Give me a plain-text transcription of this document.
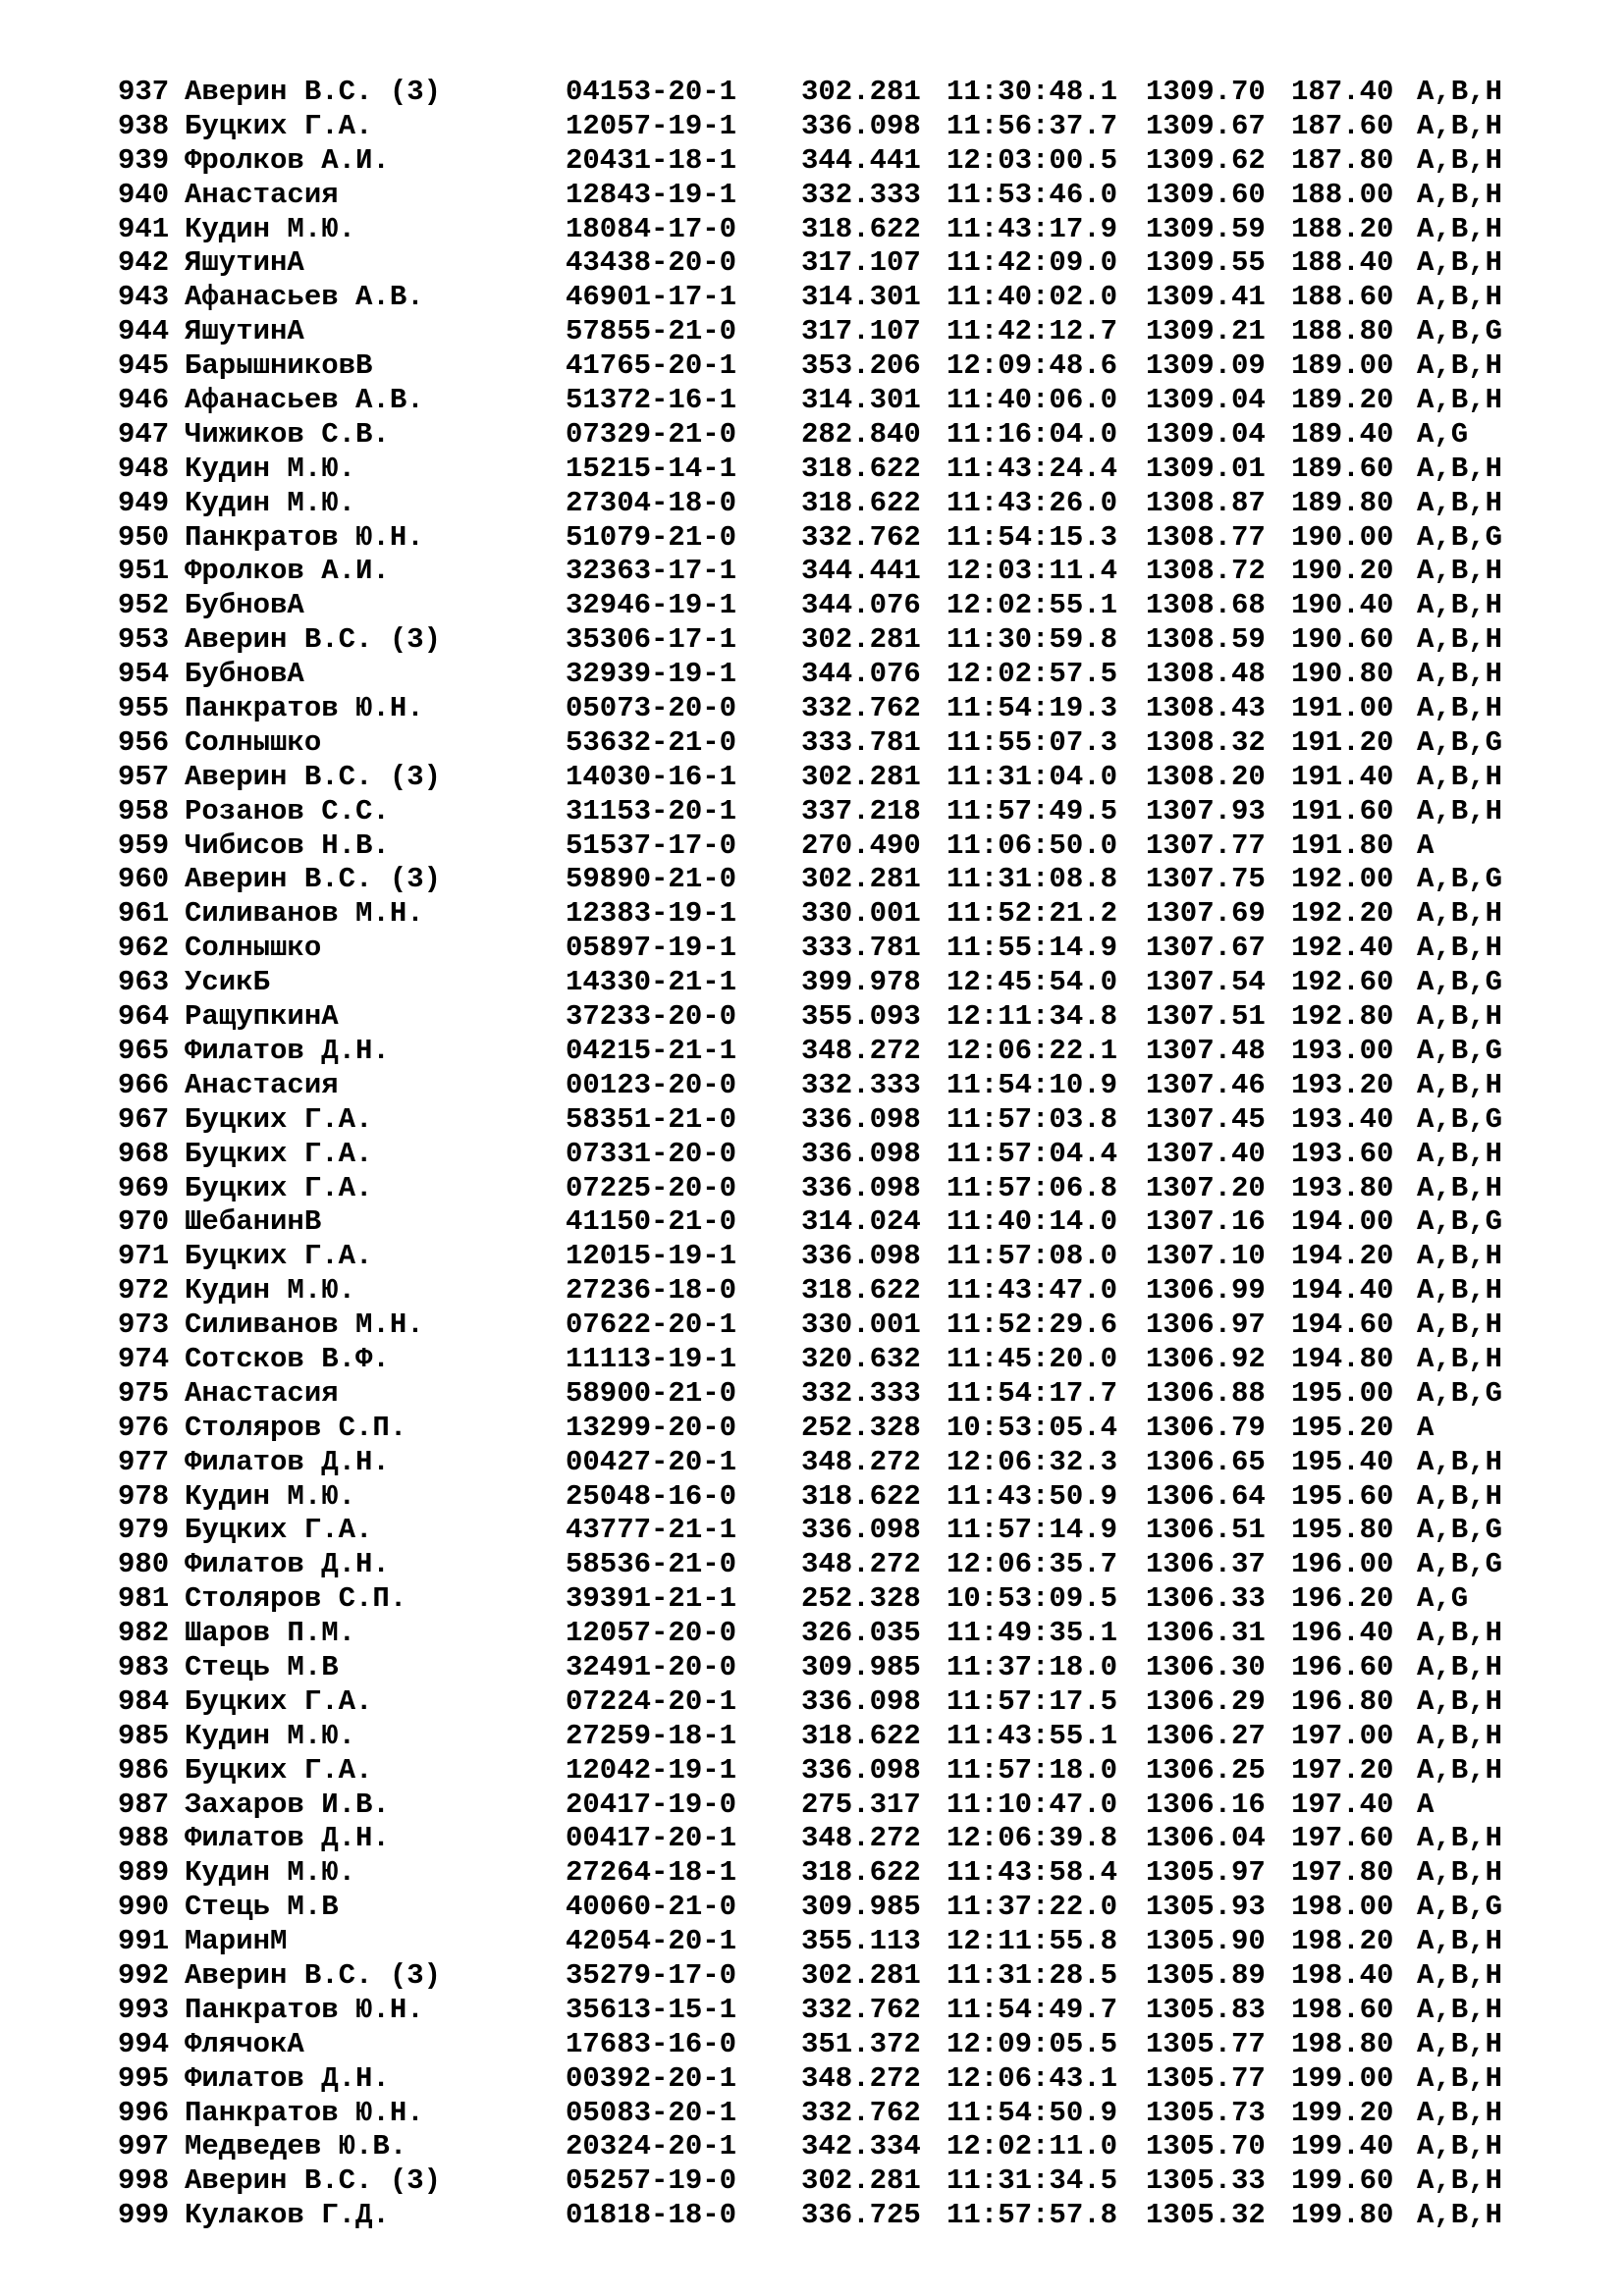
937 Аверин В.С. (3)	04153-20-1 302.281 11:30:48.1 1309.70 187.40 A,B,H
938 Буцких Г.А.	12057-19-1 336.098 11:56:37.7 1309.67 187.60 A,B,H
939 Фролков А.И.	20431-18-1 344.441 12:03:00.5 1309.62 187.80 A,B,H
940 Анастасия	12843-19-1 332.333 11:53:46.0 1309.60 188.00 A,B,H
941 Кудин М.Ю.	18084-17-0 318.622 11:43:17.9 1309.59 188.20 A,B,H
942 ЯшутинА	43438-20-0 317.107 11:42:09.0 1309.55 188.40 A,B,H
943 Афанасьев А.В.	46901-17-1 314.301 11:40:02.0 1309.41 188.60 A,B,H
944 ЯшутинА	57855-21-0 317.107 11:42:12.7 1309.21 188.80 A,B,G
945 БарышниковВ	41765-20-1 353.206 12:09:48.6 1309.09 189.00 A,B,H
946 Афанасьев А.В.	51372-16-1 314.301 11:40:06.0 1309.04 189.20 A,B,H
947 Чижиков С.В.	07329-21-0 282.840 11:16:04.0 1309.04 189.40 A,G
948 Кудин М.Ю.	15215-14-1 318.622 11:43:24.4 1309.01 189.60 A,B,H
949 Кудин М.Ю.	27304-18-0 318.622 11:43:26.0 1308.87 189.80 A,B,H
950 Панкратов Ю.Н.	51079-21-0 332.762 11:54:15.3 1308.77 190.00 A,B,G
951 Фролков А.И.	32363-17-1 344.441 12:03:11.4 1308.72 190.20 A,B,H
952 БубновА	32946-19-1 344.076 12:02:55.1 1308.68 190.40 A,B,H
953 Аверин В.С. (3)	35306-17-1 302.281 11:30:59.8 1308.59 190.60 A,B,H
954 БубновА	32939-19-1 344.076 12:02:57.5 1308.48 190.80 A,B,H
955 Панкратов Ю.Н.	05073-20-0 332.762 11:54:19.3 1308.43 191.00 A,B,H
956 Солнышко	53632-21-0 333.781 11:55:07.3 1308.32 191.20 A,B,G
957 Аверин В.С. (3)	14030-16-1 302.281 11:31:04.0 1308.20 191.40 A,B,H
958 Розанов С.С.	31153-20-1 337.218 11:57:49.5 1307.93 191.60 A,B,H
959 Чибисов Н.В.	51537-17-0 270.490 11:06:50.0 1307.77 191.80 A
960 Аверин В.С. (3)	59890-21-0 302.281 11:31:08.8 1307.75 192.00 A,B,G
961 Силиванов М.Н.	12383-19-1 330.001 11:52:21.2 1307.69 192.20 A,B,H
962 Солнышко	05897-19-1 333.781 11:55:14.9 1307.67 192.40 A,B,H
963 УсикБ	14330-21-1 399.978 12:45:54.0 1307.54 192.60 A,B,G
964 РащупкинА	37233-20-0 355.093 12:11:34.8 1307.51 192.80 A,B,H
965 Филатов Д.Н.	04215-21-1 348.272 12:06:22.1 1307.48 193.00 A,B,G
966 Анастасия	00123-20-0 332.333 11:54:10.9 1307.46 193.20 A,B,H
967 Буцких Г.А.	58351-21-0 336.098 11:57:03.8 1307.45 193.40 A,B,G
968 Буцких Г.А.	07331-20-0 336.098 11:57:04.4 1307.40 193.60 A,B,H
969 Буцких Г.А.	07225-20-0 336.098 11:57:06.8 1307.20 193.80 A,B,H
970 ШебанинВ	41150-21-0 314.024 11:40:14.0 1307.16 194.00 A,B,G
971 Буцких Г.А.	12015-19-1 336.098 11:57:08.0 1307.10 194.20 A,B,H
972 Кудин М.Ю.	27236-18-0 318.622 11:43:47.0 1306.99 194.40 A,B,H
973 Силиванов М.Н.	07622-20-1 330.001 11:52:29.6 1306.97 194.60 A,B,H
974 Сотсков В.Ф.	11113-19-1 320.632 11:45:20.0 1306.92 194.80 A,B,H
975 Анастасия	58900-21-0 332.333 11:54:17.7 1306.88 195.00 A,B,G
976 Столяров С.П.	13299-20-0 252.328 10:53:05.4 1306.79 195.20 A
977 Филатов Д.Н.	00427-20-1 348.272 12:06:32.3 1306.65 195.40 A,B,H
978 Кудин М.Ю.	25048-16-0 318.622 11:43:50.9 1306.64 195.60 A,B,H
979 Буцких Г.А.	43777-21-1 336.098 11:57:14.9 1306.51 195.80 A,B,G
980 Филатов Д.Н.	58536-21-0 348.272 12:06:35.7 1306.37 196.00 A,B,G
981 Столяров С.П.	39391-21-1 252.328 10:53:09.5 1306.33 196.20 A,G
982 Шаров П.М.	12057-20-0 326.035 11:49:35.1 1306.31 196.40 A,B,H
983 Стець М.В	32491-20-0 309.985 11:37:18.0 1306.30 196.60 A,B,H
984 Буцких Г.А.	07224-20-1 336.098 11:57:17.5 1306.29 196.80 A,B,H
985 Кудин М.Ю.	27259-18-1 318.622 11:43:55.1 1306.27 197.00 A,B,H
986 Буцких Г.А.	12042-19-1 336.098 11:57:18.0 1306.25 197.20 A,B,H
987 Захаров И.В.	20417-19-0 275.317 11:10:47.0 1306.16 197.40 A
988 Филатов Д.Н.	00417-20-1 348.272 12:06:39.8 1306.04 197.60 A,B,H
989 Кудин М.Ю.	27264-18-1 318.622 11:43:58.4 1305.97 197.80 A,B,H
990 Стець М.В	40060-21-0 309.985 11:37:22.0 1305.93 198.00 A,B,G
991 МаринМ	42054-20-1 355.113 12:11:55.8 1305.90 198.20 A,B,H
992 Аверин В.С. (3)	35279-17-0 302.281 11:31:28.5 1305.89 198.40 A,B,H
993 Панкратов Ю.Н.	35613-15-1 332.762 11:54:49.7 1305.83 198.60 A,B,H
994 ФлячокА	17683-16-0 351.372 12:09:05.5 1305.77 198.80 A,B,H
995 Филатов Д.Н.	00392-20-1 348.272 12:06:43.1 1305.77 199.00 A,B,H
996 Панкратов Ю.Н.	05083-20-1 332.762 11:54:50.9 1305.73 199.20 A,B,H
997 Медведев Ю.В.	20324-20-1 342.334 12:02:11.0 1305.70 199.40 A,B,H
998 Аверин В.С. (3)	05257-19-0 302.281 11:31:34.5 1305.33 199.60 A,B,H
999 Кулаков Г.Д.	01818-18-0 336.725 11:57:57.8 1305.32 199.80 A,B,H
